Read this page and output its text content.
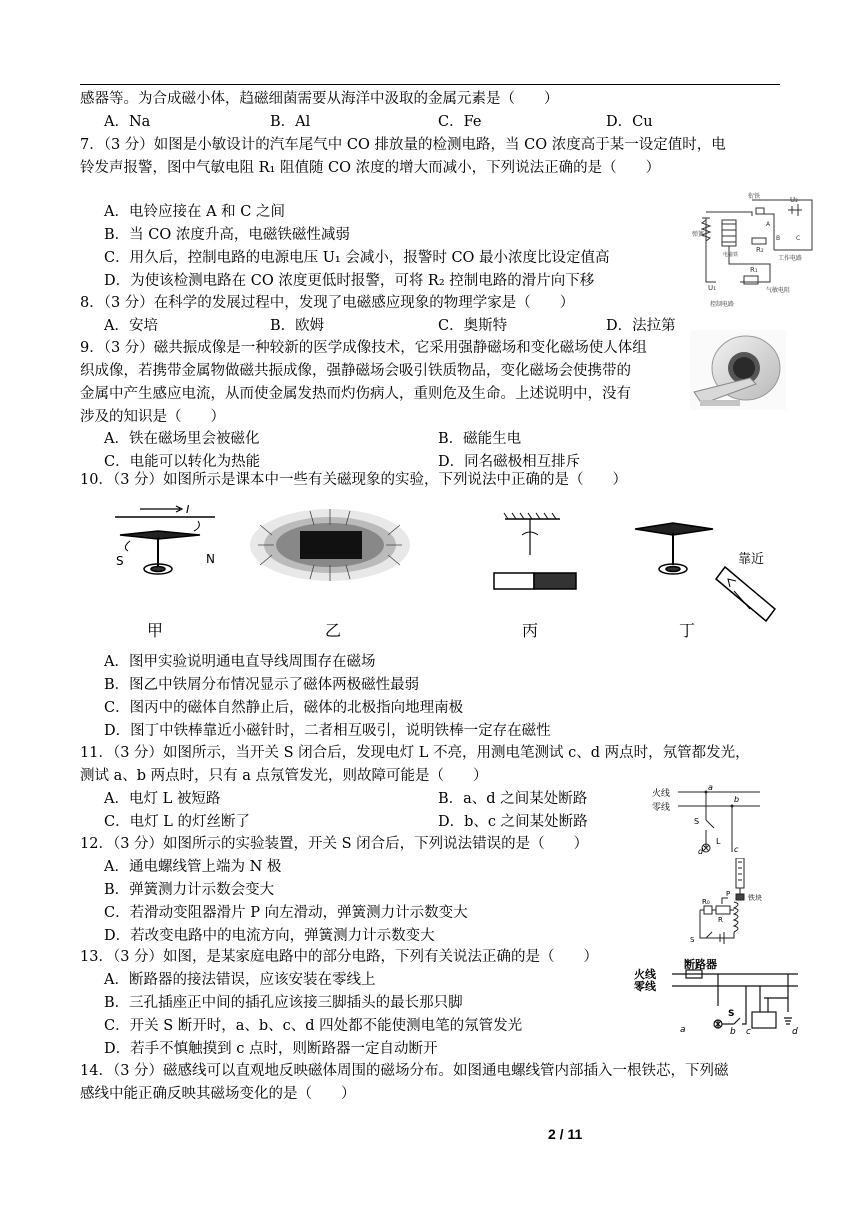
感器等。为合成磁小体，趋磁细菌需要从海洋中汲取的金属元素是（　　）
A．Na	B．Al	C．Fe	D．Cu
7．（3 分）如图是小敏设计的汽车尾气中 CO 排放量的检测电路，当 CO 浓度高于某一设定值时，电
铃发声报警，图中气敏电阻 R₁ 阻值随 CO 浓度的增大而减小，下列说法正确的是（　　）
A．电铃应接在 A 和 C 之间
B．当 CO 浓度升高，电磁铁磁性减弱
C．用久后，控制电路的电源电压 U₁ 会减小，报警时 CO 最小浓度比设定值高
D．为使该检测电路在 CO 浓度更低时报警，可将 R₂ 控制电路的滑片向下移
弹簧
衔铁
电磁铁
U₂
A
B	C
R₂
工作电路
U₁
R₁
气敏电阻
控制电路
8．（3 分）在科学的发展过程中，发现了电磁感应现象的物理学家是（　　）
A．安培	B．欧姆	C．奥斯特	D．法拉第
9．（3 分）磁共振成像是一种较新的医学成像技术，它采用强静磁场和变化磁场使人体组
织成像，若携带金属物做磁共振成像，强静磁场会吸引铁质物品，变化磁场会使携带的
金属中产生感应电流，从而使金属发热而灼伤病人，重则危及生命。上述说明中，没有
涉及的知识是（　　）
A．铁在磁场里会被磁化	B．磁能生电
C．电能可以转化为热能	D．同名磁极相互排斥
10．（3 分）如图所示是课本中一些有关磁现象的实验，下列说法中正确的是（　　）
I
S	N	靠近
甲	乙	丙	丁
A．图甲实验说明通电直导线周围存在磁场
B．图乙中铁屑分布情况显示了磁体两极磁性最弱
C．图丙中的磁体自然静止后，磁体的北极指向地理南极
D．图丁中铁棒靠近小磁针时，二者相互吸引，说明铁棒一定存在磁性
11．（3 分）如图所示，当开关 S 闭合后，发现电灯 L 不亮，用测电笔测试 c、d 两点时，氖管都发光，
测试 a、b 两点时，只有 a 点氖管发光，则故障可能是（　　）
A．电灯 L 被短路	B．a、d 之间某处断路
C．电灯 L 的灯丝断了	D．b、c 之间某处断路
火线
零线
a
b
S
d	c
L
12．（3 分）如图所示的实验装置，开关 S 闭合后，下列说法错误的是（　　）
A．通电螺线管上端为 N 极
B．弹簧测力计示数会变大
C．若滑动变阻器滑片 P 向左滑动，弹簧测力计示数变大
D．若改变电路中的电流方向，弹簧测力计示数变大
R₀
P
R
铁块
S
13．（3 分）如图，是某家庭电路中的部分电路，下列有关说法正确的是（　　）
A．断路器的接法错误，应该安装在零线上
B．三孔插座正中间的插孔应该接三脚插头的最长那只脚
C．开关 S 断开时，a、b、c、d 四处都不能使测电笔的氖管发光
D．若手不慎触摸到 c 点时，则断路器一定自动断开
断路器
火线
零线
S
a	b c	d
14．（3 分）磁感线可以直观地反映磁体周围的磁场分布。如图通电螺线管内部插入一根铁芯，下列磁
感线中能正确反映其磁场变化的是（　　）
2 / 11
